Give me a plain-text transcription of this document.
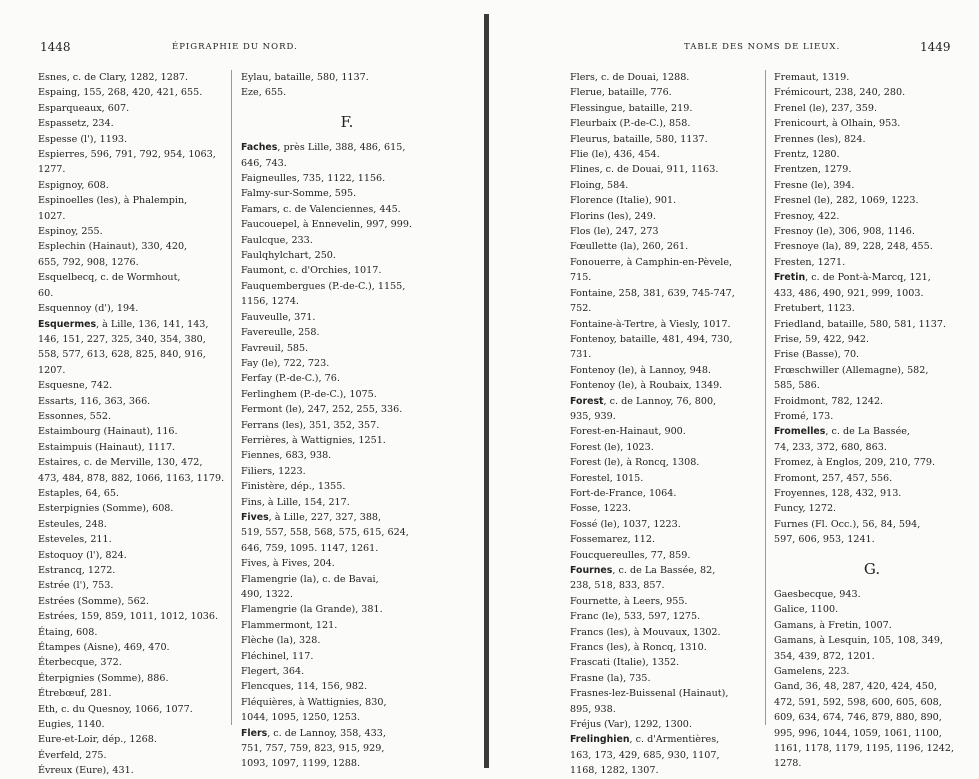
1448	ÉPIGRAPHIE DU NORD.
Esnes, c. de Clary, 1282, 1287.
Espaing, 155, 268, 420, 421, 655.
Esparqueaux, 607.
Espassetz, 234.
Espesse (l'), 1193.
Espierres, 596, 791, 792, 954, 1063,
1277.
Espignoy, 608.
Espinoelles (les), à Phalempin,
1027.
Espinoy, 255.
Esplechin (Hainaut), 330, 420,
655, 792, 908, 1276.
Esquelbecq, c. de Wormhout,
60.
Esquennoy (d'), 194.
Esquermes, à Lille, 136, 141, 143,
146, 151, 227, 325, 340, 354, 380,
558, 577, 613, 628, 825, 840, 916,
1207.
Esquesne, 742.
Essarts, 116, 363, 366.
Essonnes, 552.
Estaimbourg (Hainaut), 116.
Estaimpuis (Hainaut), 1117.
Estaires, c. de Merville, 130, 472,
473, 484, 878, 882, 1066, 1163, 1179.
Estaples, 64, 65.
Esterpignies (Somme), 608.
Esteules, 248.
Esteveles, 211.
Estoquoy (l'), 824.
Estrancq, 1272.
Estrée (l'), 753.
Estrées (Somme), 562.
Estrées, 159, 859, 1011, 1012, 1036.
Étaing, 608.
Étampes (Aisne), 469, 470.
Éterbecque, 372.
Éterpignies (Somme), 886.
Étrebœuf, 281.
Eth, c. du Quesnoy, 1066, 1077.
Eugies, 1140.
Eure-et-Loir, dép., 1268.
Éverfeld, 275.
Évreux (Eure), 431.
Eylau, bataille, 580, 1137.
Eze, 655.
F.
Faches, près Lille, 388, 486, 615,
646, 743.
Faigneulles, 735, 1122, 1156.
Falmy-sur-Somme, 595.
Famars, c. de Valenciennes, 445.
Faucouepel, à Ennevelin, 997, 999.
Faulcque, 233.
Faulqhylchart, 250.
Faumont, c. d'Orchies, 1017.
Fauquembergues (P.-de-C.), 1155,
1156, 1274.
Fauveulle, 371.
Favereulle, 258.
Favreuil, 585.
Fay (le), 722, 723.
Ferfay (P.-de-C.), 76.
Ferlinghem (P.-de-C.), 1075.
Fermont (le), 247, 252, 255, 336.
Ferrans (les), 351, 352, 357.
Ferrières, à Wattignies, 1251.
Fiennes, 683, 938.
Filiers, 1223.
Finistère, dép., 1355.
Fins, à Lille, 154, 217.
Fives, à Lille, 227, 327, 388,
519, 557, 558, 568, 575, 615, 624,
646, 759, 1095. 1147, 1261.
Fives, à Fives, 204.
Flamengrie (la), c. de Bavai,
490, 1322.
Flamengrie (la Grande), 381.
Flammermont, 121.
Flèche (la), 328.
Fléchinel, 117.
Flegert, 364.
Flencques, 114, 156, 982.
Fléquières, à Wattignies, 830,
1044, 1095, 1250, 1253.
Flers, c. de Lannoy, 358, 433,
751, 757, 759, 823, 915, 929,
1093, 1097, 1199, 1288.
TABLE DES NOMS DE LIEUX.	1449
Flers, c. de Douai, 1288.
Flerue, bataille, 776.
Flessingue, bataille, 219.
Fleurbaix (P.-de-C.), 858.
Fleurus, bataille, 580, 1137.
Flie (le), 436, 454.
Flines, c. de Douai, 911, 1163.
Floing, 584.
Florence (Italie), 901.
Florins (les), 249.
Flos (le), 247, 273
Fœullette (la), 260, 261.
Fonouerre, à Camphin-en-Pèvele,
715.
Fontaine, 258, 381, 639, 745-747,
752.
Fontaine-à-Tertre, à Viesly, 1017.
Fontenoy, bataille, 481, 494, 730,
731.
Fontenoy (le), à Lannoy, 948.
Fontenoy (le), à Roubaix, 1349.
Forest, c. de Lannoy, 76, 800,
935, 939.
Forest-en-Hainaut, 900.
Forest (le), 1023.
Forest (le), à Roncq, 1308.
Forestel, 1015.
Fort-de-France, 1064.
Fosse, 1223.
Fossé (le), 1037, 1223.
Fossemarez, 112.
Foucquereulles, 77, 859.
Fournes, c. de La Bassée, 82,
238, 518, 833, 857.
Fournette, à Leers, 955.
Franc (le), 533, 597, 1275.
Francs (les), à Mouvaux, 1302.
Francs (les), à Roncq, 1310.
Frascati (Italie), 1352.
Frasne (la), 735.
Frasnes-lez-Buissenal (Hainaut),
895, 938.
Fréjus (Var), 1292, 1300.
Frelinghien, c. d'Armentières,
163, 173, 429, 685, 930, 1107,
1168, 1282, 1307.
Fremaut, 1319.
Frémicourt, 238, 240, 280.
Frenel (le), 237, 359.
Frenicourt, à Olhain, 953.
Frennes (les), 824.
Frentz, 1280.
Frentzen, 1279.
Fresne (le), 394.
Fresnel (le), 282, 1069, 1223.
Fresnoy, 422.
Fresnoy (le), 306, 908, 1146.
Fresnoye (la), 89, 228, 248, 455.
Fresten, 1271.
Fretin, c. de Pont-à-Marcq, 121,
433, 486, 490, 921, 999, 1003.
Fretubert, 1123.
Friedland, bataille, 580, 581, 1137.
Frise, 59, 422, 942.
Frise (Basse), 70.
Frœschwiller (Allemagne), 582,
585, 586.
Froidmont, 782, 1242.
Fromé, 173.
Fromelles, c. de La Bassée,
74, 233, 372, 680, 863.
Fromez, à Englos, 209, 210, 779.
Fromont, 257, 457, 556.
Froyennes, 128, 432, 913.
Funcy, 1272.
Furnes (Fl. Occ.), 56, 84, 594,
597, 606, 953, 1241.
G.
Gaesbecque, 943.
Galice, 1100.
Gamans, à Fretin, 1007.
Gamans, à Lesquin, 105, 108, 349,
354, 439, 872, 1201.
Gamelens, 223.
Gand, 36, 48, 287, 420, 424, 450,
472, 591, 592, 598, 600, 605, 608,
609, 634, 674, 746, 879, 880, 890,
995, 996, 1044, 1059, 1061, 1100,
1161, 1178, 1179, 1195, 1196, 1242,
1278.
